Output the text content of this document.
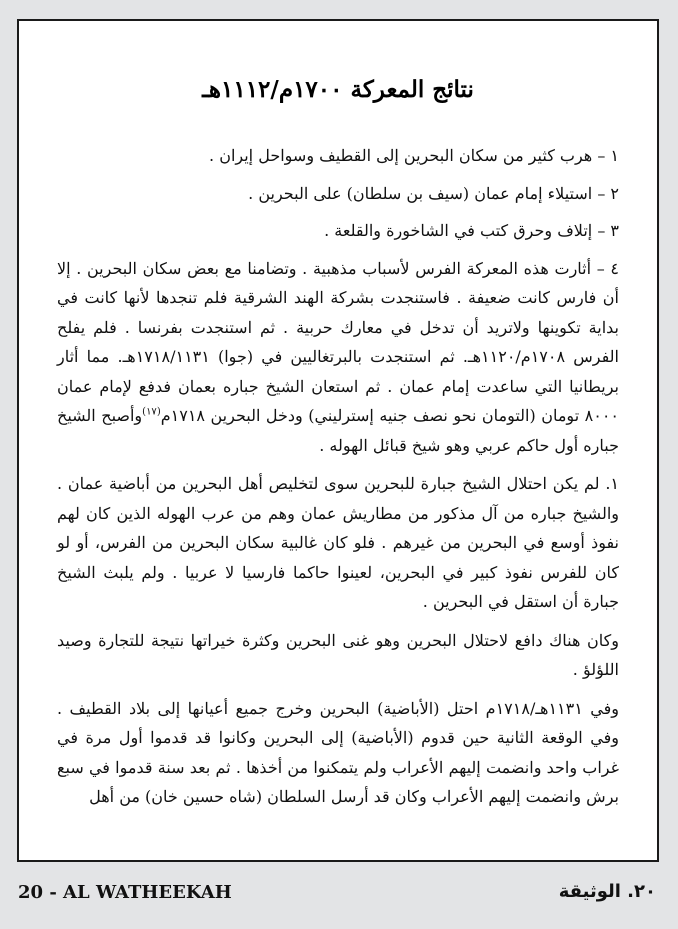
نتائج المعركة ١٧٠٠م/١١١٢هـ

١ – هرب كثير من سكان البحرين إلى القطيف وسواحل إيران .

٢ – استيلاء إمام عمان (سيف بن سلطان) على البحرين .

٣ – إتلاف وحرق كتب في الشاخورة والقلعة .

٤ – أثارت هذه المعركة الفرس لأسباب مذهبية . وتضامنا مع بعض سكان البحرين . إلا أن فارس كانت ضعيفة . فاستنجدت بشركة الهند الشرقية فلم تنجدها لأنها كانت في بداية تكوينها ولاتريد أن تدخل في معارك حربية . ثم استنجدت بفرنسا . فلم يفلح الفرس ١٧٠٨م/١١٢٠هـ. ثم استنجدت بالبرتغاليين في (جوا) ١٧١٨/١١٣١هـ. مما أثار بريطانيا التي ساعدت إمام عمان . ثم استعان الشيخ جباره بعمان فدفع لإمام عمان ٨٠٠٠ تومان (التومان نحو نصف جنيه إسترليني) ودخل البحرين ١٧١٨م$^{(١٧)}$وأصبح الشيخ جباره أول حاكم عربي وهو شيخ قبائل الهوله .

١. لم يكن احتلال الشيخ جبارة للبحرين سوى لتخليص أهل البحرين من أباضية عمان . والشيخ جباره من آل مذكور من مطاريش عمان وهم من عرب الهوله الذين كان لهم نفوذ أوسع في البحرين من غيرهم . فلو كان غالبية سكان البحرين من الفرس، أو لو كان للفرس نفوذ كبير في البحرين، لعينوا حاكما فارسيا لا عربيا . ولم يلبث الشيخ جبارة أن استقل في البحرين .

وكان هناك دافع لاحتلال البحرين وهو غنى البحرين وكثرة خيراتها نتيجة للتجارة وصيد اللؤلؤ .

وفي ١١٣١هـ/١٧١٨م احتل (الأباضية) البحرين وخرج جميع أعيانها إلى بلاد القطيف . وفي الوقعة الثانية حين قدوم (الأباضية) إلى البحرين وكانوا قد قدموا أول مرة في غراب واحد وانضمت إليهم الأعراب ولم يتمكنوا من أخذها . ثم بعد سنة قدموا في سبع برش وانضمت إليهم الأعراب وكان قد أرسل السلطان (شاه حسين خان) من أهل

20 - AL WATHEEKAH	٢٠. الوثيقة
